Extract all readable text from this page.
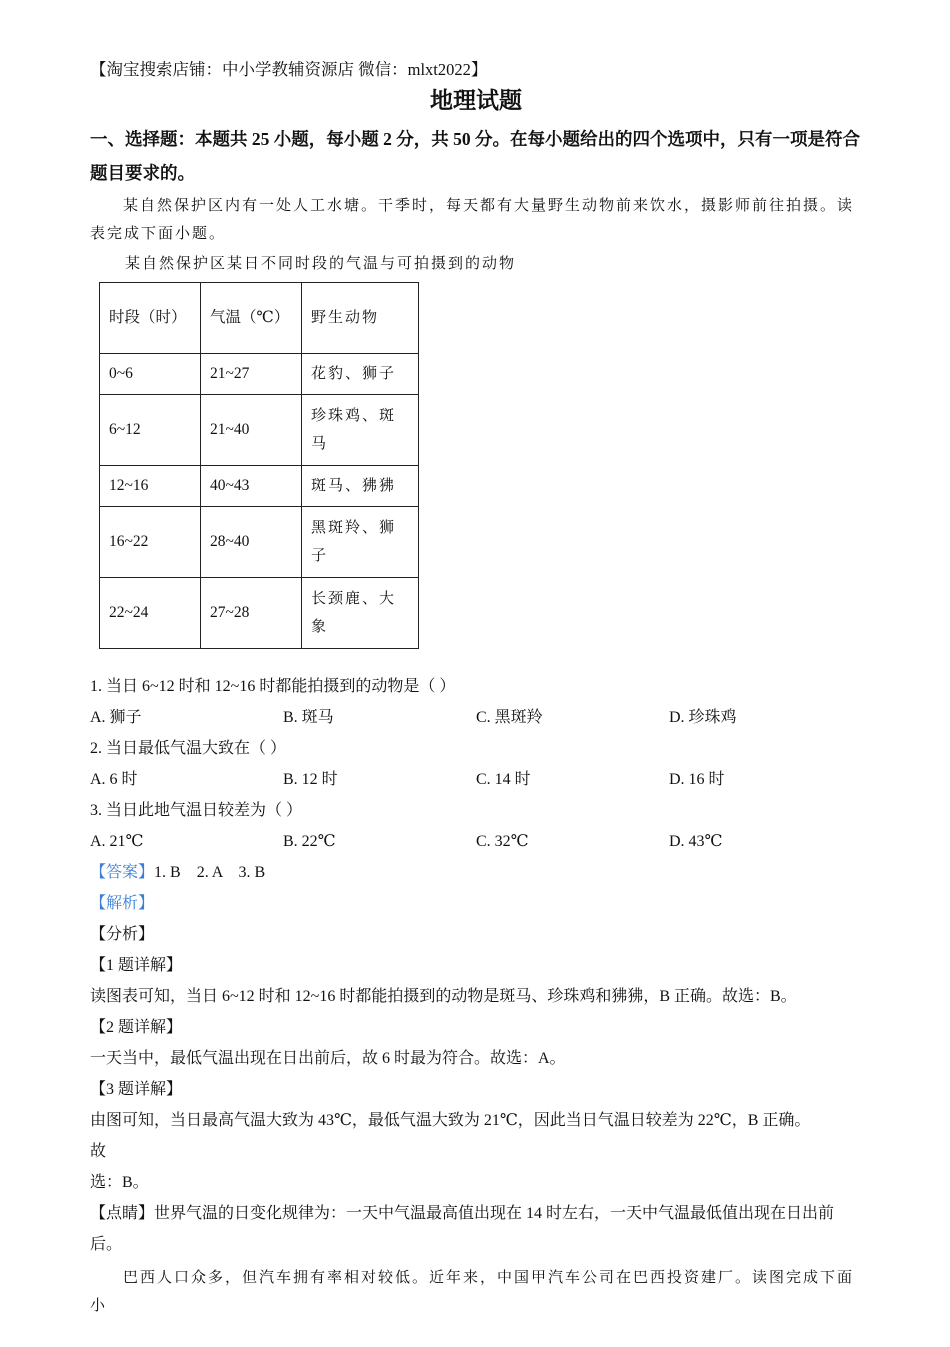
【淘宝搜索店铺：中小学教辅资源店 微信：mlxt2022】
地理试题
一、选择题：本题共 25 小题，每小题 2 分，共 50 分。在每小题给出的四个选项中，只有一项是符合题目要求的。
某自然保护区内有一处人工水塘。干季时，每天都有大量野生动物前来饮水，摄影师前往拍摄。读表完成下面小题。
某自然保护区某日不同时段的气温与可拍摄到的动物
时段（时）	气温（℃）	野生动物
0~6	21~27	花豹、狮子
6~12	21~40	珍珠鸡、斑马
12~16	40~43	斑马、狒狒
16~22	28~40	黑斑羚、狮子
22~24	27~28	长颈鹿、大象
1. 当日 6~12 时和 12~16 时都能拍摄到的动物是（ ）
A. 狮子	B. 斑马	C. 黑斑羚	D. 珍珠鸡
2. 当日最低气温大致在（ ）
A. 6 时	B. 12 时	C. 14 时	D. 16 时
3. 当日此地气温日较差为（ ）
A. 21℃	B. 22℃	C. 32℃	D. 43℃
【答案】1. B    2. A    3. B
【解析】
【分析】
【1 题详解】
读图表可知，当日 6~12 时和 12~16 时都能拍摄到的动物是斑马、珍珠鸡和狒狒，B 正确。故选：B。
【2 题详解】
一天当中，最低气温出现在日出前后，故 6 时最为符合。故选：A。
【3 题详解】
由图可知，当日最高气温大致为 43℃，最低气温大致为 21℃，因此当日气温日较差为 22℃，B 正确。
故
选：B。
【点睛】世界气温的日变化规律为：一天中气温最高值出现在 14 时左右，一天中气温最低值出现在日出前后。
巴西人口众多，但汽车拥有率相对较低。近年来，中国甲汽车公司在巴西投资建厂。读图完成下面小
